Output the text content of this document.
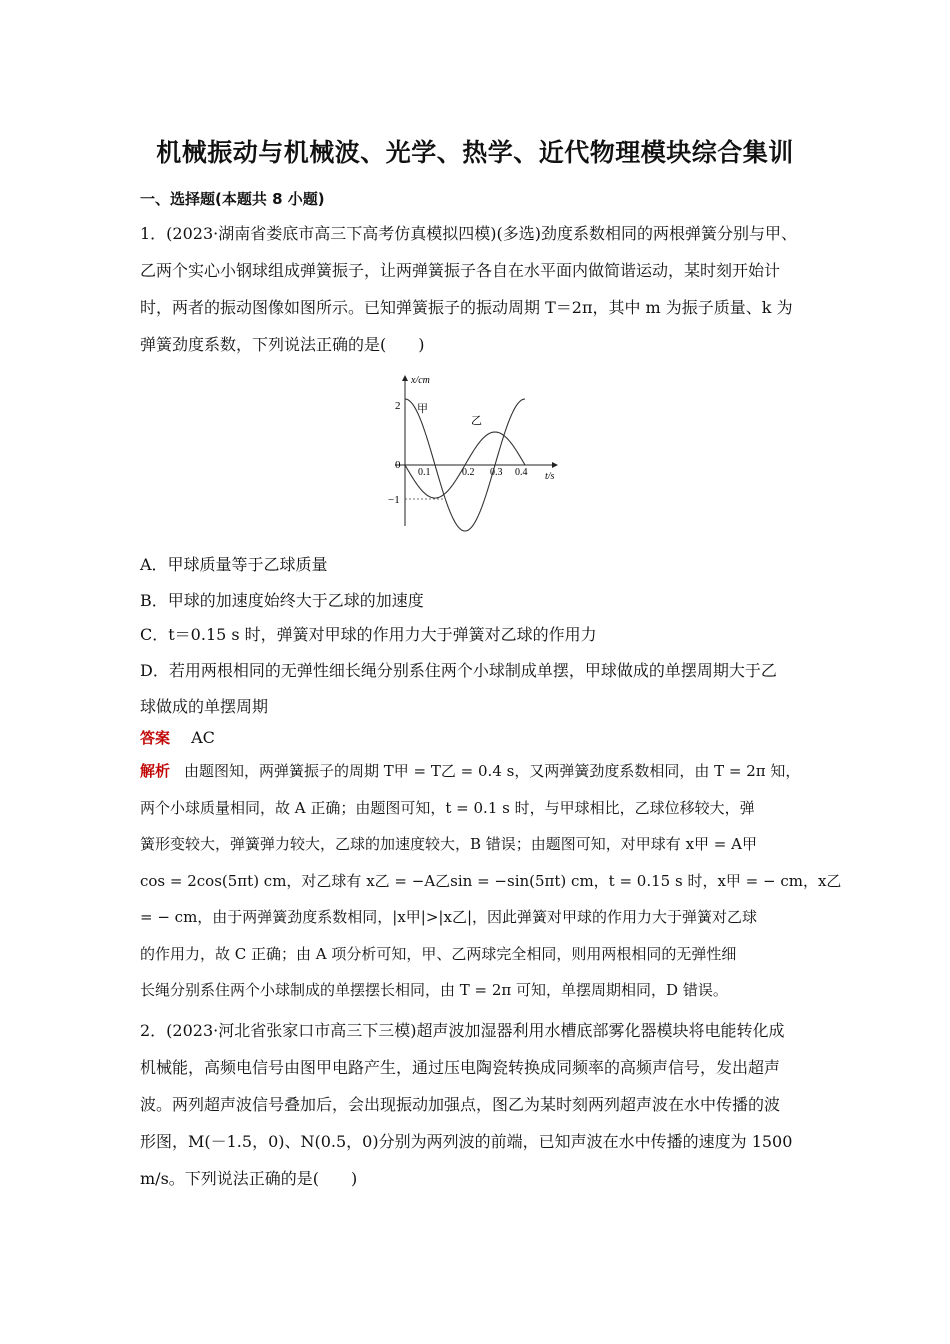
机械振动与机械波、光学、热学、近代物理模块综合集训
一、选择题(本题共 8 小题)
1．(2023·湖南省娄底市高三下高考仿真模拟四模)(多选)劲度系数相同的两根弹簧分别与甲、
乙两个实心小钢球组成弹簧振子，让两弹簧振子各自在水平面内做简谐运动，某时刻开始计
时，两者的振动图像如图所示。已知弹簧振子的振动周期 T＝2π，其中 m 为振子质量、k 为
弹簧劲度系数，下列说法正确的是(　　)
x/cm
t/s
2
0
−1
0.1	0.2 0.3 0.4
甲
乙
A．甲球质量等于乙球质量
B．甲球的加速度始终大于乙球的加速度
C．t＝0.15 s 时，弹簧对甲球的作用力大于弹簧对乙球的作用力
D．若用两根相同的无弹性细长绳分别系住两个小球制成单摆，甲球做成的单摆周期大于乙
球做成的单摆周期
答案 AC
解析 由题图知，两弹簧振子的周期 T甲 = T乙 = 0.4 s，又两弹簧劲度系数相同，由 T = 2π 知，
两个小球质量相同，故 A 正确；由题图可知，t = 0.1 s 时，与甲球相比，乙球位移较大，弹
簧形变较大，弹簧弹力较大，乙球的加速度较大，B 错误；由题图可知，对甲球有 x甲 = A甲
cos = 2cos(5πt) cm，对乙球有 x乙 = −A乙sin = −sin(5πt) cm，t = 0.15 s 时，x甲 = − cm，x乙
= − cm，由于两弹簧劲度系数相同，|x甲|>|x乙|，因此弹簧对甲球的作用力大于弹簧对乙球
的作用力，故 C 正确；由 A 项分析可知，甲、乙两球完全相同，则用两根相同的无弹性细
长绳分别系住两个小球制成的单摆摆长相同，由 T = 2π 可知，单摆周期相同，D 错误。
2．(2023·河北省张家口市高三下三模)超声波加湿器利用水槽底部雾化器模块将电能转化成
机械能，高频电信号由图甲电路产生，通过压电陶瓷转换成同频率的高频声信号，发出超声
波。两列超声波信号叠加后，会出现振动加强点，图乙为某时刻两列超声波在水中传播的波
形图，M(－1.5，0)、N(0.5，0)分别为两列波的前端，已知声波在水中传播的速度为 1500
m/s。下列说法正确的是(　　)
